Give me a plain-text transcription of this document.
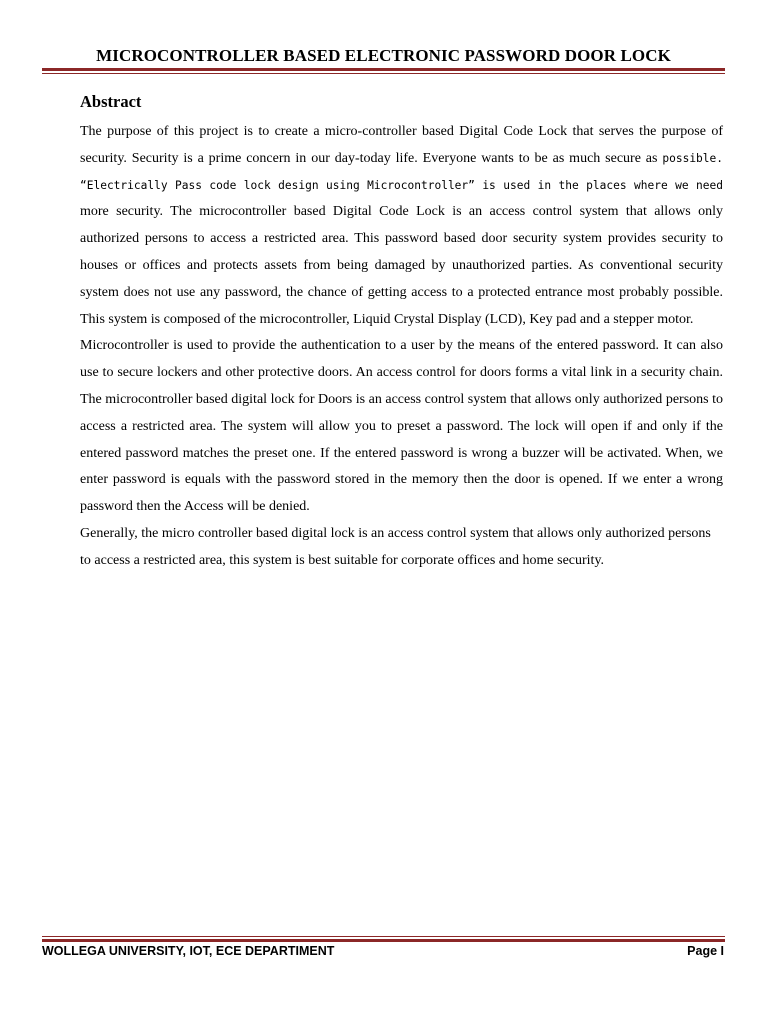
MICROCONTROLLER BASED ELECTRONIC PASSWORD DOOR LOCK
Abstract

The purpose of this project is to create a micro-controller based Digital Code Lock that serves the purpose of security. Security is a prime concern in our day-today life. Everyone wants to be as much secure as possible. “Electrically Pass code lock design using Microcontroller” is used in the places where we need more security. The microcontroller based Digital Code Lock is an access control system that allows only authorized persons to access a restricted area. This password based door security system provides security to houses or offices and protects assets from being damaged by unauthorized parties. As conventional security system does not use any password, the chance of getting access to a protected entrance most probably possible. This system is composed of the microcontroller, Liquid Crystal Display (LCD), Key pad and a stepper motor.

Microcontroller is used to provide the authentication to a user by the means of the entered password. It can also use to secure lockers and other protective doors. An access control for doors forms a vital link in a security chain. The microcontroller based digital lock for Doors is an access control system that allows only authorized persons to access a restricted area. The system will allow you to preset a password. The lock will open if and only if the entered password matches the preset one. If the entered password is wrong a buzzer will be activated. When, we enter password is equals with the password stored in the memory then the door is opened. If we enter a wrong password then the Access will be denied.

Generally, the micro controller based digital lock is an access control system that allows only authorized persons to access a restricted area, this system is best suitable for corporate offices and home security.

WOLLEGA UNIVERSITY, IOT, ECE DEPARTIMENT	Page I
